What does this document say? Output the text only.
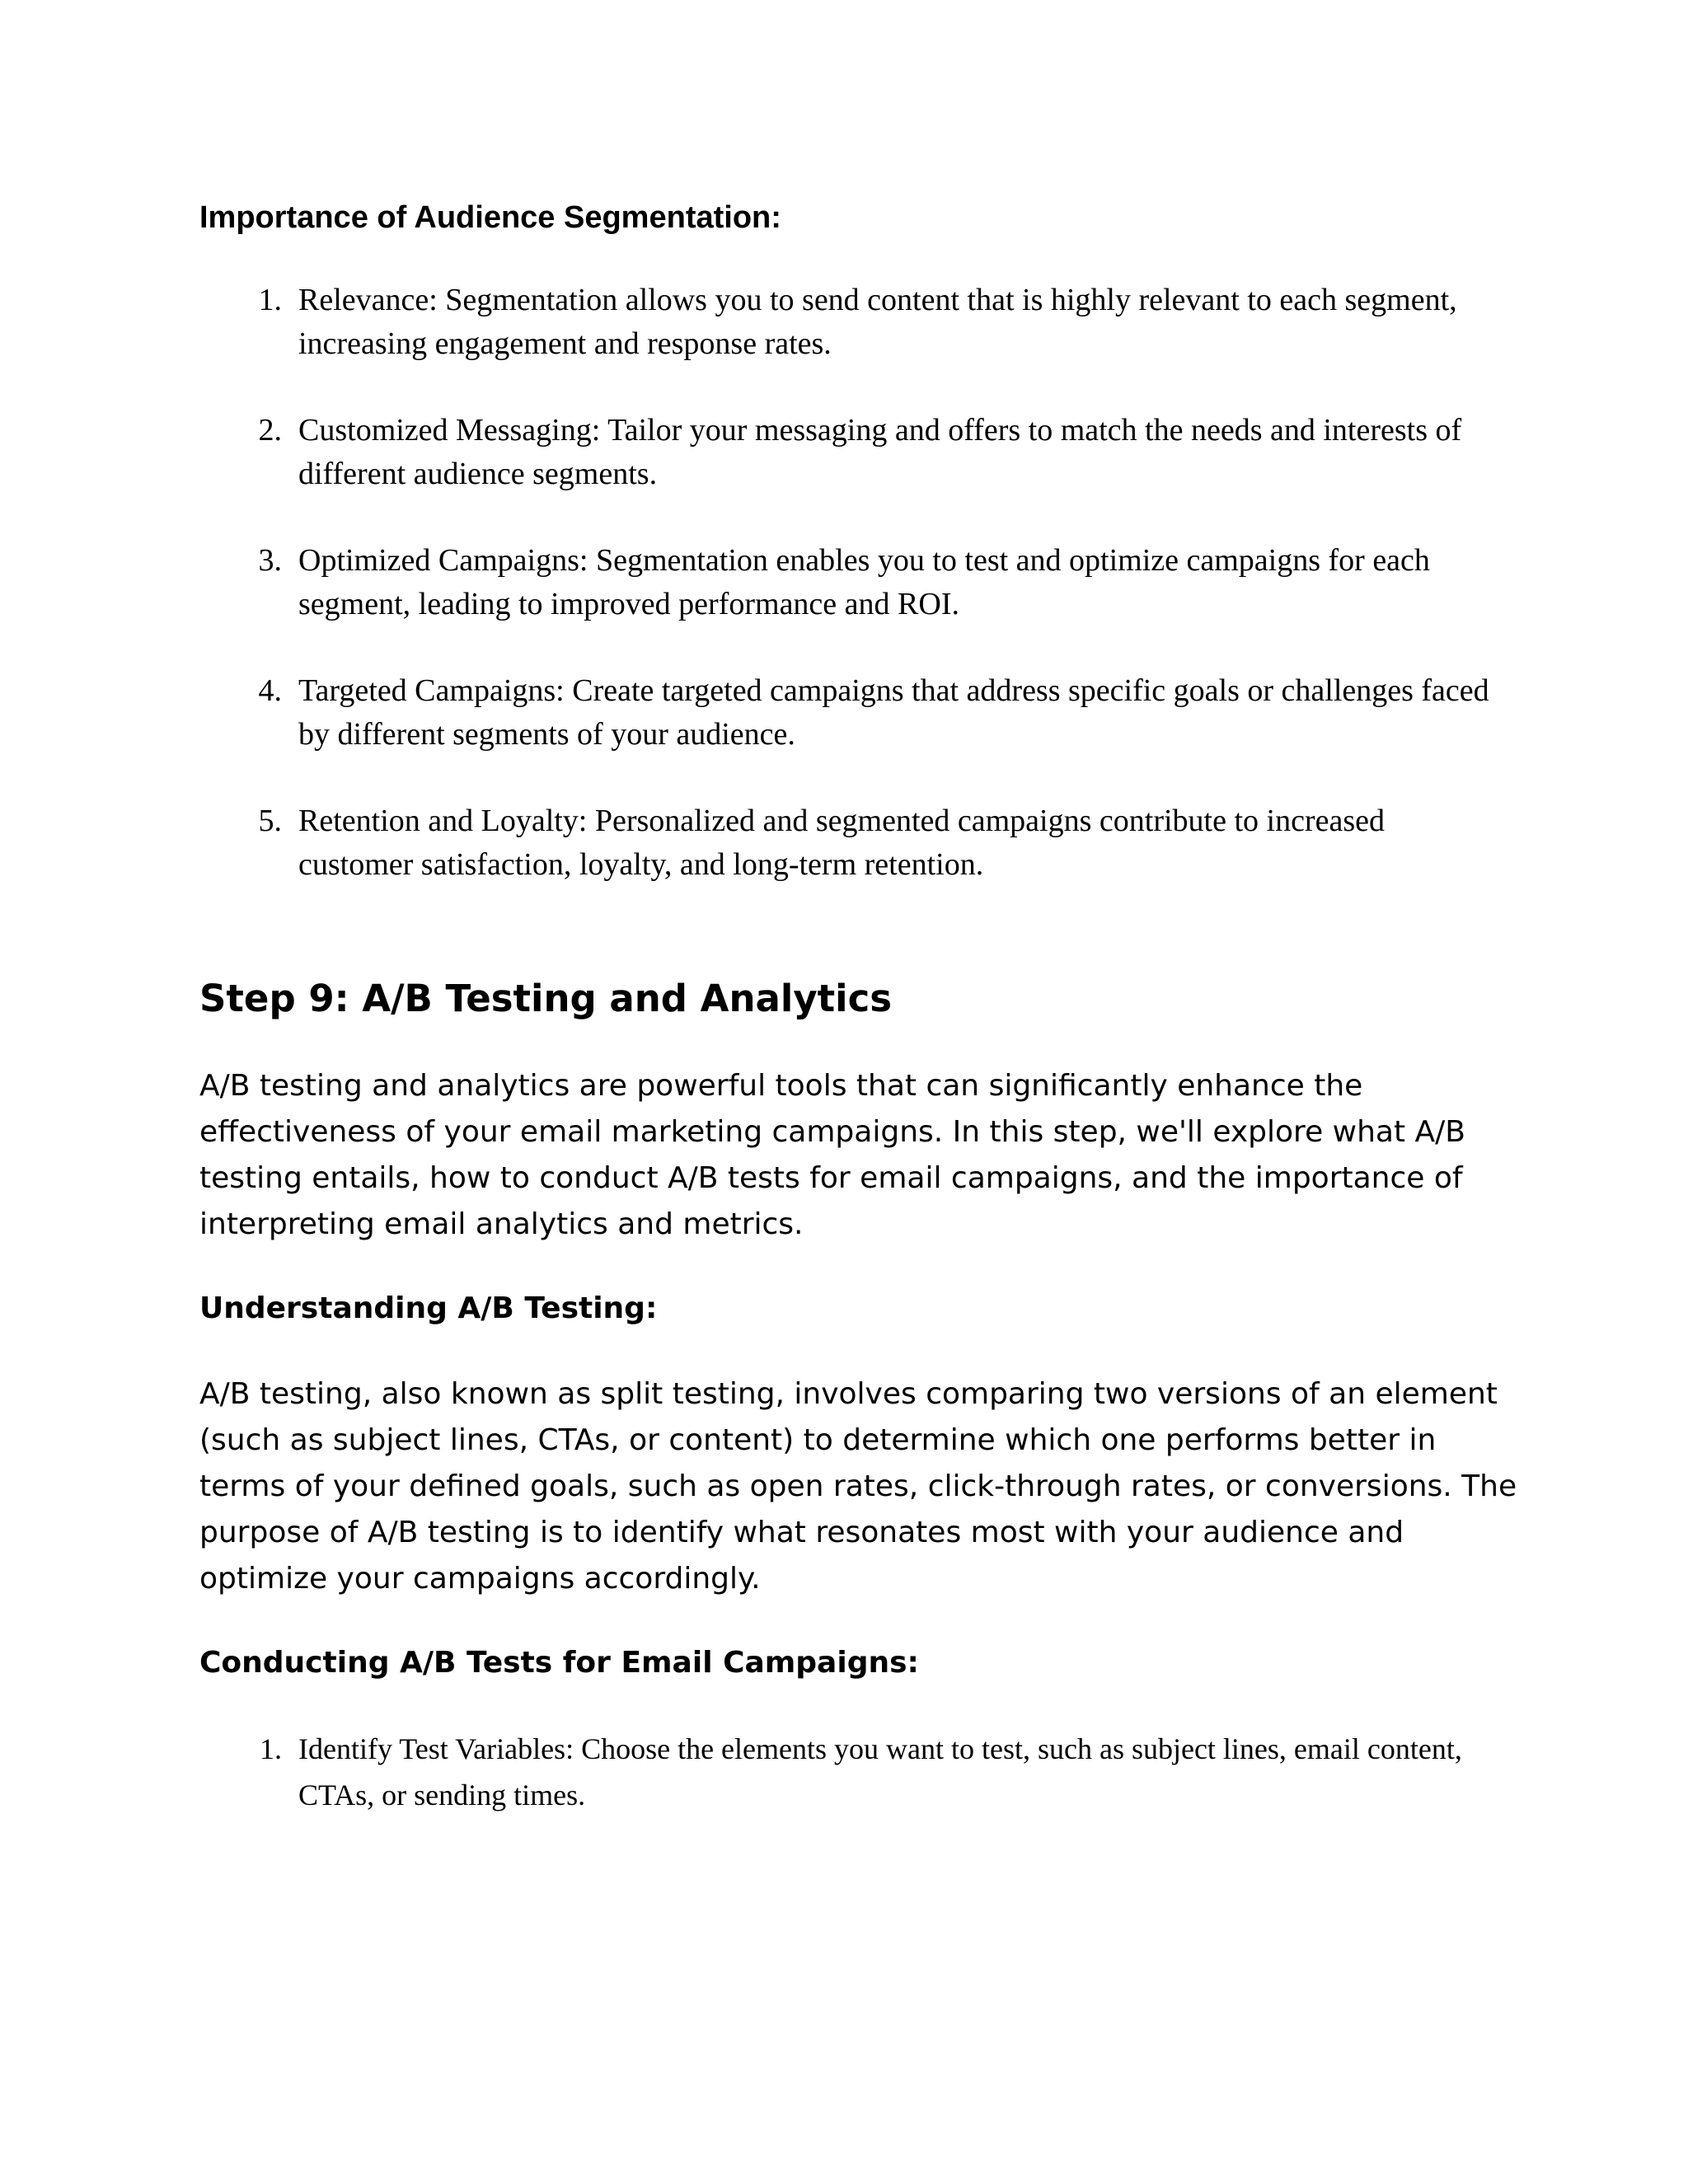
Importance of Audience Segmentation:

1. Relevance: Segmentation allows you to send content that is highly relevant to each segment, increasing engagement and response rates.
2. Customized Messaging: Tailor your messaging and offers to match the needs and interests of different audience segments.
3. Optimized Campaigns: Segmentation enables you to test and optimize campaigns for each segment, leading to improved performance and ROI.
4. Targeted Campaigns: Create targeted campaigns that address specific goals or challenges faced by different segments of your audience.
5. Retention and Loyalty: Personalized and segmented campaigns contribute to increased customer satisfaction, loyalty, and long-term retention.
Step 9: A/B Testing and Analytics

A/B testing and analytics are powerful tools that can significantly enhance the effectiveness of your email marketing campaigns. In this step, we'll explore what A/B testing entails, how to conduct A/B tests for email campaigns, and the importance of interpreting email analytics and metrics.

Understanding A/B Testing:

A/B testing, also known as split testing, involves comparing two versions of an element (such as subject lines, CTAs, or content) to determine which one performs better in terms of your defined goals, such as open rates, click-through rates, or conversions. The purpose of A/B testing is to identify what resonates most with your audience and optimize your campaigns accordingly.

Conducting A/B Tests for Email Campaigns:

1. Identify Test Variables: Choose the elements you want to test, such as subject lines, email content, CTAs, or sending times.
